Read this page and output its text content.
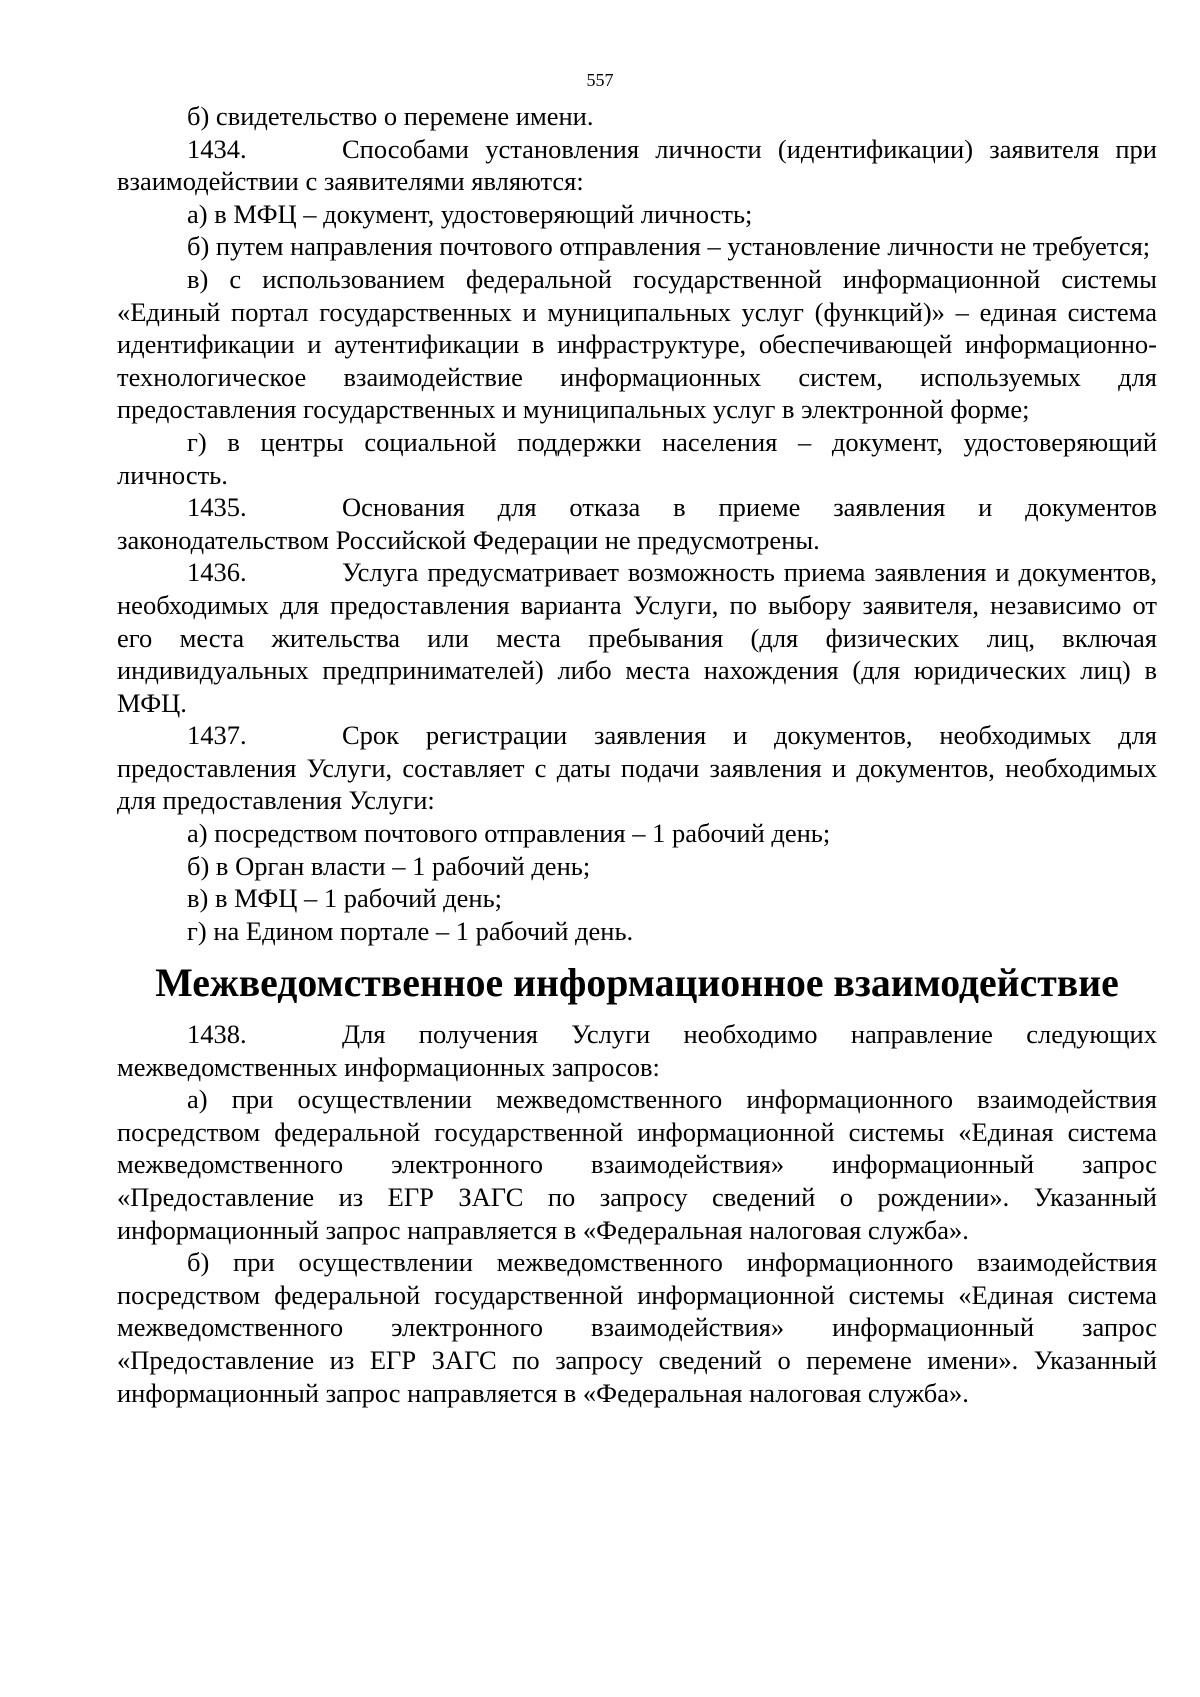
557

б) свидетельство о перемене имени.

1434.	Способами установления личности (идентификации) заявителя при взаимодействии с заявителями являются:

а) в МФЦ – документ, удостоверяющий личность;

б) путем направления почтового отправления – установление личности не требуется;

в) с использованием федеральной государственной информационной системы «Единый портал государственных и муниципальных услуг (функций)» – единая система идентификации и аутентификации в инфраструктуре, обеспечивающей информационно-технологическое взаимодействие информационных систем, используемых для предоставления государственных и муниципальных услуг в электронной форме;

г) в центры социальной поддержки населения – документ, удостоверяющий личность.

1435.	Основания для отказа в приеме заявления и документов законодательством Российской Федерации не предусмотрены.

1436.	Услуга предусматривает возможность приема заявления и документов, необходимых для предоставления варианта Услуги, по выбору заявителя, независимо от его места жительства или места пребывания (для физических лиц, включая индивидуальных предпринимателей) либо места нахождения (для юридических лиц) в МФЦ.

1437.	Срок регистрации заявления и документов, необходимых для предоставления Услуги, составляет с даты подачи заявления и документов, необходимых для предоставления Услуги:

а) посредством почтового отправления – 1 рабочий день;

б) в Орган власти – 1 рабочий день;

в) в МФЦ – 1 рабочий день;

г) на Едином портале – 1 рабочий день.

Межведомственное информационное взаимодействие

1438.	Для получения Услуги необходимо направление следующих межведомственных информационных запросов:

а) при осуществлении межведомственного информационного взаимодействия посредством федеральной государственной информационной системы «Единая система межведомственного электронного взаимодействия» информационный запрос «Предоставление из ЕГР ЗАГС по запросу сведений о рождении». Указанный информационный запрос направляется в «Федеральная налоговая служба».

б) при осуществлении межведомственного информационного взаимодействия посредством федеральной государственной информационной системы «Единая система межведомственного электронного взаимодействия» информационный запрос «Предоставление из ЕГР ЗАГС по запросу сведений о перемене имени». Указанный информационный запрос направляется в «Федеральная налоговая служба».
